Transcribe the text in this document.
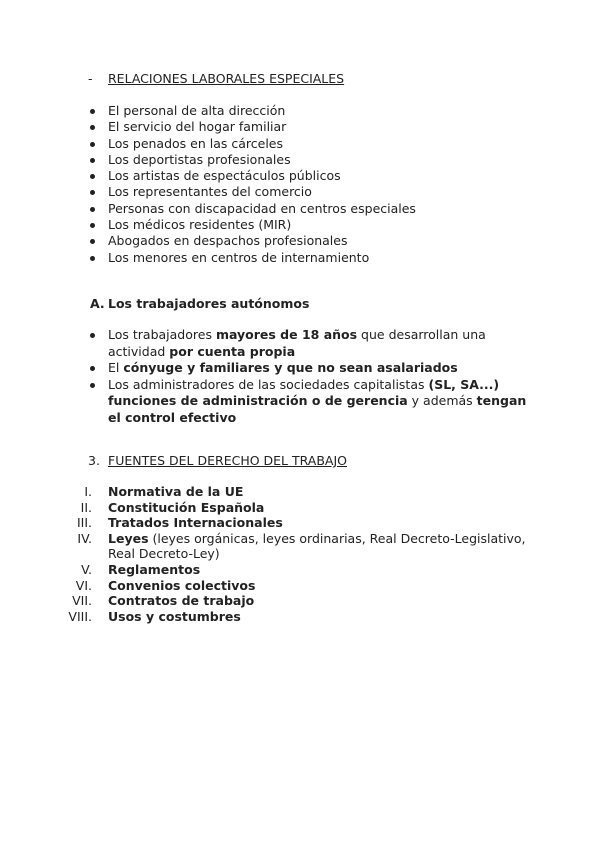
- RELACIONES LABORALES ESPECIALES
El personal de alta dirección
El servicio del hogar familiar
Los penados en las cárceles
Los deportistas profesionales
Los artistas de espectáculos públicos
Los representantes del comercio
Personas con discapacidad en centros especiales
Los médicos residentes (MIR)
Abogados en despachos profesionales
Los menores en centros de internamiento
A. Los trabajadores autónomos
Los trabajadores mayores de 18 años que desarrollan una actividad por cuenta propia
El cónyuge y familiares y que no sean asalariados
Los administradores de las sociedades capitalistas (SL, SA...) funciones de administración o de gerencia y además tengan el control efectivo
3. FUENTES DEL DERECHO DEL TRABAJO
I. Normativa de la UE
II. Constitución Española
III. Tratados Internacionales
IV. Leyes (leyes orgánicas, leyes ordinarias, Real Decreto-Legislativo, Real Decreto-Ley)
V. Reglamentos
VI. Convenios colectivos
VII. Contratos de trabajo
VIII. Usos y costumbres
